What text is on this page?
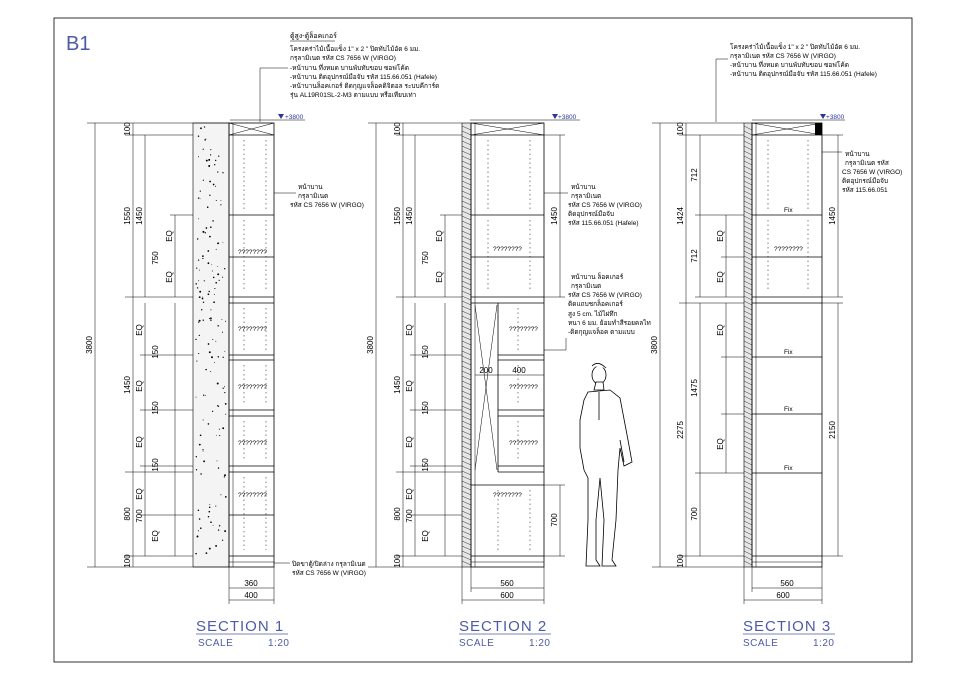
B1	ตู้สูง-ตู้ล็อคเกอร์
โครงคร่าไม้เนื้อแข็ง 1" x 2 " ปิดทับไม้อัด 6 มม.
กรุลามิเนต รหัส CS 7656 W (VIRGO)
-หน้าบาน ทึ่งหมด บานพับทับขอบ ซอฟโค้ด
-หน้าบาน ติดอุปกรณ์มือจับ รหัส 115.66.051 (Hafele)
-หน้าบานล็อคเกอร์ ติดกุญแจล็อคดิจิตอล ระบบคีการ์ด
รุ่น AL19R01SL-2-M3 ตามแบบ หรือเทียบเท่า
+3800
????????
????????
????????
????????
????????
หน้าบาน
กรุลามิเนต
รหัส CS 7656 W (VIRGO)
ปิดขาตู้/ปิดล่าง กรุลามิเนต
รหัส CS 7656 W (VIRGO)
3800
100
1550
1450
800
100
1450
EQ
750
EQ
EQ
150
EQ
150
EQ
150
EQ
700
EQ
360
400
SECTION 1
SCALE	1:20
+3800
????????
????????
????????
????????
????????
หน้าบาน
กรุลามิเนต
รหัส CS 7656 W (VIRGO)
ติดอุปกรณ์มือจับ
รหัส 115.66.051 (Hafele)
หน้าบาน ล็อคเกอร์
กรุลามิเนต
รหัส CS 7656 W (VIRGO)
ติดแถบชกล็อคเกอร์
สูง 5 cm. ไม้ไผ่ทึก
หนา 6 มม. ย้อมทำสีรอยคลไท
-ติดกุญแจล็อค ตามแบบ
3800
100
1550
1450
800
100
1450
EQ
750
EQ
EQ
150
EQ
150
EQ
150
EQ
700
EQ
1450
700
200 400
560
600
SECTION 2
SCALE	1:20
โครงคร่าไม้เนื้อแข็ง 1" x 2 " ปิดทับไม้อัด 6 มม.
กรุลามิเนต รหัส CS 7656 W (VIRGO)
-หน้าบาน ทึ่งหมด บานพับทับขอบ ซอฟโค้ด
-หน้าบาน ติดอุปกรณ์มือจับ รหัส 115.66.051 (Hafele)
+3800
Fix
????????
Fix
Fix
Fix
หน้าบาน
กรุลามิเนต รหัส
CS 7656 W (VIRGO)
ติดอุปกรณ์มือจับ
รหัส 115.66.051
3800
100
1424
2275
100
712
712
EQ
EQ
1475
EQ
EQ
700
1450
2150
560
600
SECTION 3
SCALE	1:20
